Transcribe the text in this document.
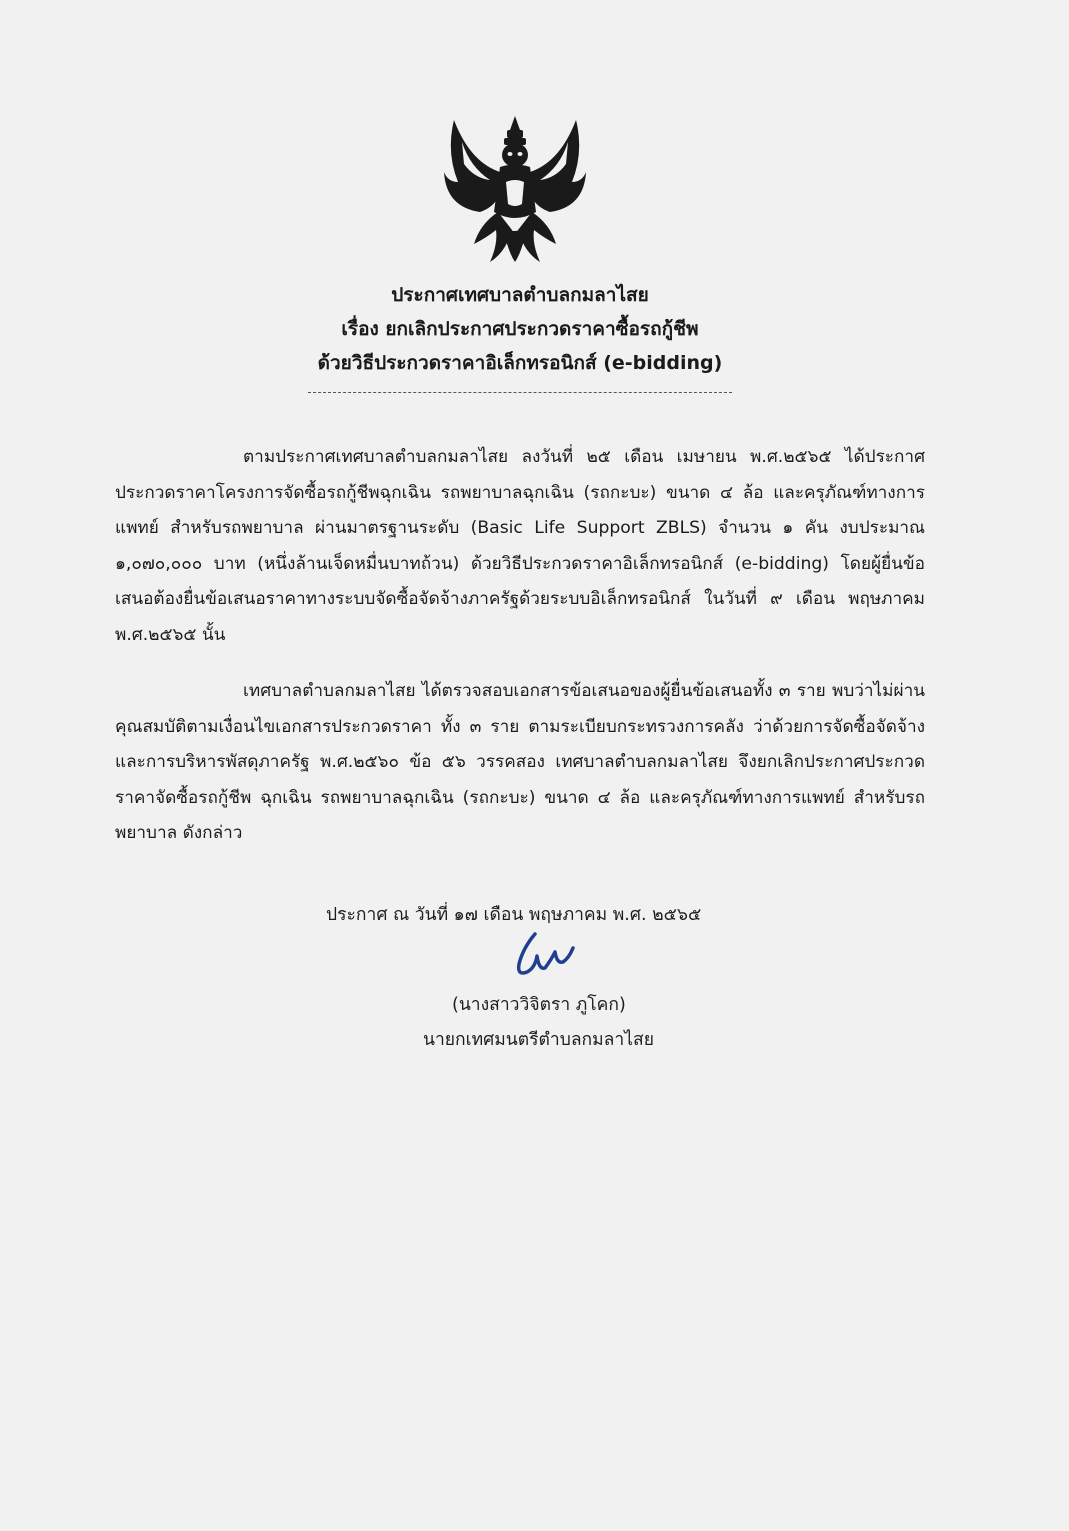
ประกาศเทศบาลตำบลกมลาไสย
เรื่อง ยกเลิกประกาศประกวดราคาซื้อรถกู้ชีพ
ด้วยวิธีประกวดราคาอิเล็กทรอนิกส์ (e-bidding)
ตามประกาศเทศบาลตำบลกมลาไสย ลงวันที่ ๒๕ เดือน เมษายน พ.ศ.๒๕๖๕ ได้ประกาศประกวดราคาโครงการจัดซื้อรถกู้ชีพฉุกเฉิน รถพยาบาลฉุกเฉิน (รถกะบะ) ขนาด ๔ ล้อ และครุภัณฑ์ทางการแพทย์ สำหรับรถพยาบาล ผ่านมาตรฐานระดับ (Basic Life Support ZBLS) จำนวน ๑ คัน งบประมาณ ๑,๐๗๐,๐๐๐ บาท (หนึ่งล้านเจ็ดหมื่นบาทถ้วน) ด้วยวิธีประกวดราคาอิเล็กทรอนิกส์ (e-bidding) โดยผู้ยื่นข้อเสนอต้องยื่นข้อเสนอราคาทางระบบจัดซื้อจัดจ้างภาครัฐด้วยระบบอิเล็กทรอนิกส์ ในวันที่ ๙ เดือน พฤษภาคม พ.ศ.๒๕๖๕ นั้น
เทศบาลตำบลกมลาไสย ได้ตรวจสอบเอกสารข้อเสนอของผู้ยื่นข้อเสนอทั้ง ๓ ราย พบว่าไม่ผ่านคุณสมบัติตามเงื่อนไขเอกสารประกวดราคา ทั้ง ๓ ราย ตามระเบียบกระทรวงการคลัง ว่าด้วยการจัดซื้อจัดจ้างและการบริหารพัสดุภาครัฐ พ.ศ.๒๕๖๐ ข้อ ๕๖ วรรคสอง เทศบาลตำบลกมลาไสย จึงยกเลิกประกาศประกวดราคาจัดซื้อรถกู้ชีพ ฉุกเฉิน รถพยาบาลฉุกเฉิน (รถกะบะ) ขนาด ๔ ล้อ และครุภัณฑ์ทางการแพทย์ สำหรับรถพยาบาล ดังกล่าว
ประกาศ ณ วันที่ ๑๗ เดือน พฤษภาคม พ.ศ. ๒๕๖๕
(นางสาววิจิตรา ภูโคก)
นายกเทศมนตรีตำบลกมลาไสย
